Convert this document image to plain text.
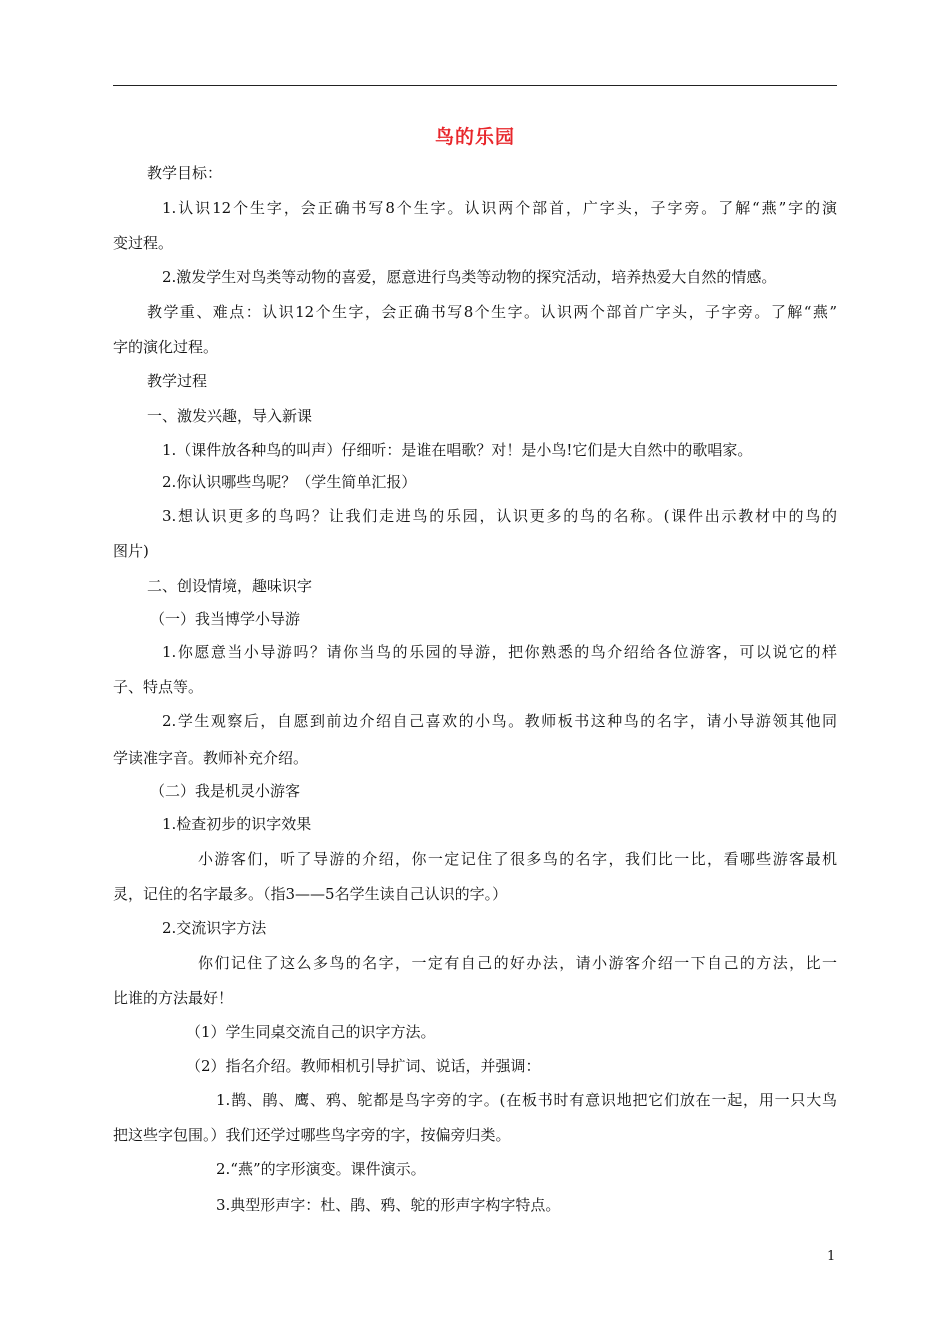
鸟的乐园
教学目标：
1.认识12个生字，会正确书写8个生字。认识两个部首，广字头，子字旁。了解“燕”字的演
变过程。
2.激发学生对鸟类等动物的喜爱，愿意进行鸟类等动物的探究活动，培养热爱大自然的情感。
教学重、难点：认识12个生字，会正确书写8个生字。认识两个部首广字头，子字旁。了解“燕”
字的演化过程。
教学过程
一、激发兴趣，导入新课
1.（课件放各种鸟的叫声）仔细听：是谁在唱歌？对！是小鸟!它们是大自然中的歌唱家。
2.你认识哪些鸟呢？（学生简单汇报）
3.想认识更多的鸟吗？让我们走进鸟的乐园，认识更多的鸟的名称。(课件出示教材中的鸟的
图片)
二、创设情境，趣味识字
（一）我当博学小导游
1.你愿意当小导游吗？请你当鸟的乐园的导游，把你熟悉的鸟介绍给各位游客，可以说它的样
子、特点等。
2.学生观察后，自愿到前边介绍自己喜欢的小鸟。教师板书这种鸟的名字，请小导游领其他同
学读准字音。教师补充介绍。
（二）我是机灵小游客
1.检查初步的识字效果
小游客们，听了导游的介绍，你一定记住了很多鸟的名字，我们比一比，看哪些游客最机
灵，记住的名字最多。（指3——5名学生读自己认识的字。）
2.交流识字方法
你们记住了这么多鸟的名字，一定有自己的好办法，请小游客介绍一下自己的方法，比一
比谁的方法最好！
（1）学生同桌交流自己的识字方法。
（2）指名介绍。教师相机引导扩词、说话，并强调：
1.鹊、鹃、鹰、鸦、鸵都是鸟字旁的字。(在板书时有意识地把它们放在一起，用一只大鸟
把这些字包围。）我们还学过哪些鸟字旁的字，按偏旁归类。
2.“燕”的字形演变。课件演示。
3.典型形声字：杜、鹃、鸦、鸵的形声字构字特点。
1
